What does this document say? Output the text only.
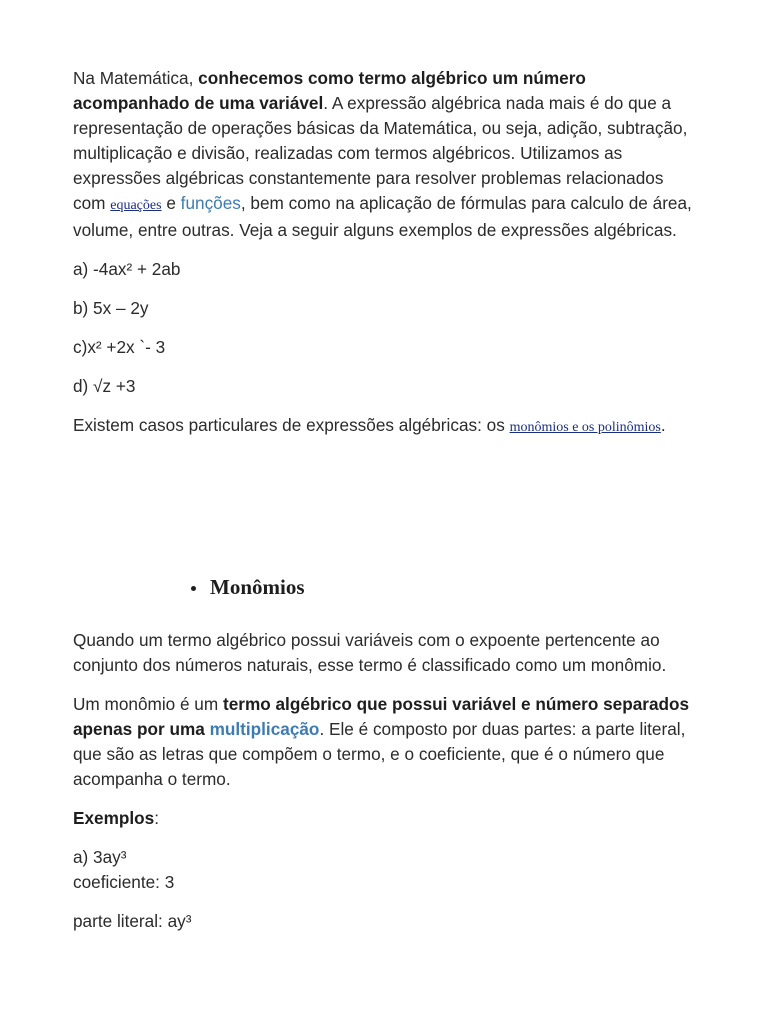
Na Matemática, conhecemos como termo algébrico um número acompanhado de uma variável. A expressão algébrica nada mais é do que a representação de operações básicas da Matemática, ou seja, adição, subtração, multiplicação e divisão, realizadas com termos algébricos. Utilizamos as expressões algébricas constantemente para resolver problemas relacionados com equações e funções, bem como na aplicação de fórmulas para calculo de área, volume, entre outras. Veja a seguir alguns exemplos de expressões algébricas.

a) -4ax² + 2ab

b) 5x – 2y

c)x² +2x `- 3

d) √z +3

Existem casos particulares de expressões algébricas: os monômios e os polinômios.

Monômios

Quando um termo algébrico possui variáveis com o expoente pertencente ao conjunto dos números naturais, esse termo é classificado como um monômio.

Um monômio é um termo algébrico que possui variável e número separados apenas por uma multiplicação. Ele é composto por duas partes: a parte literal, que são as letras que compõem o termo, e o coeficiente, que é o número que acompanha o termo.

Exemplos:

a) 3ay³

coeficiente: 3

parte literal: ay³
